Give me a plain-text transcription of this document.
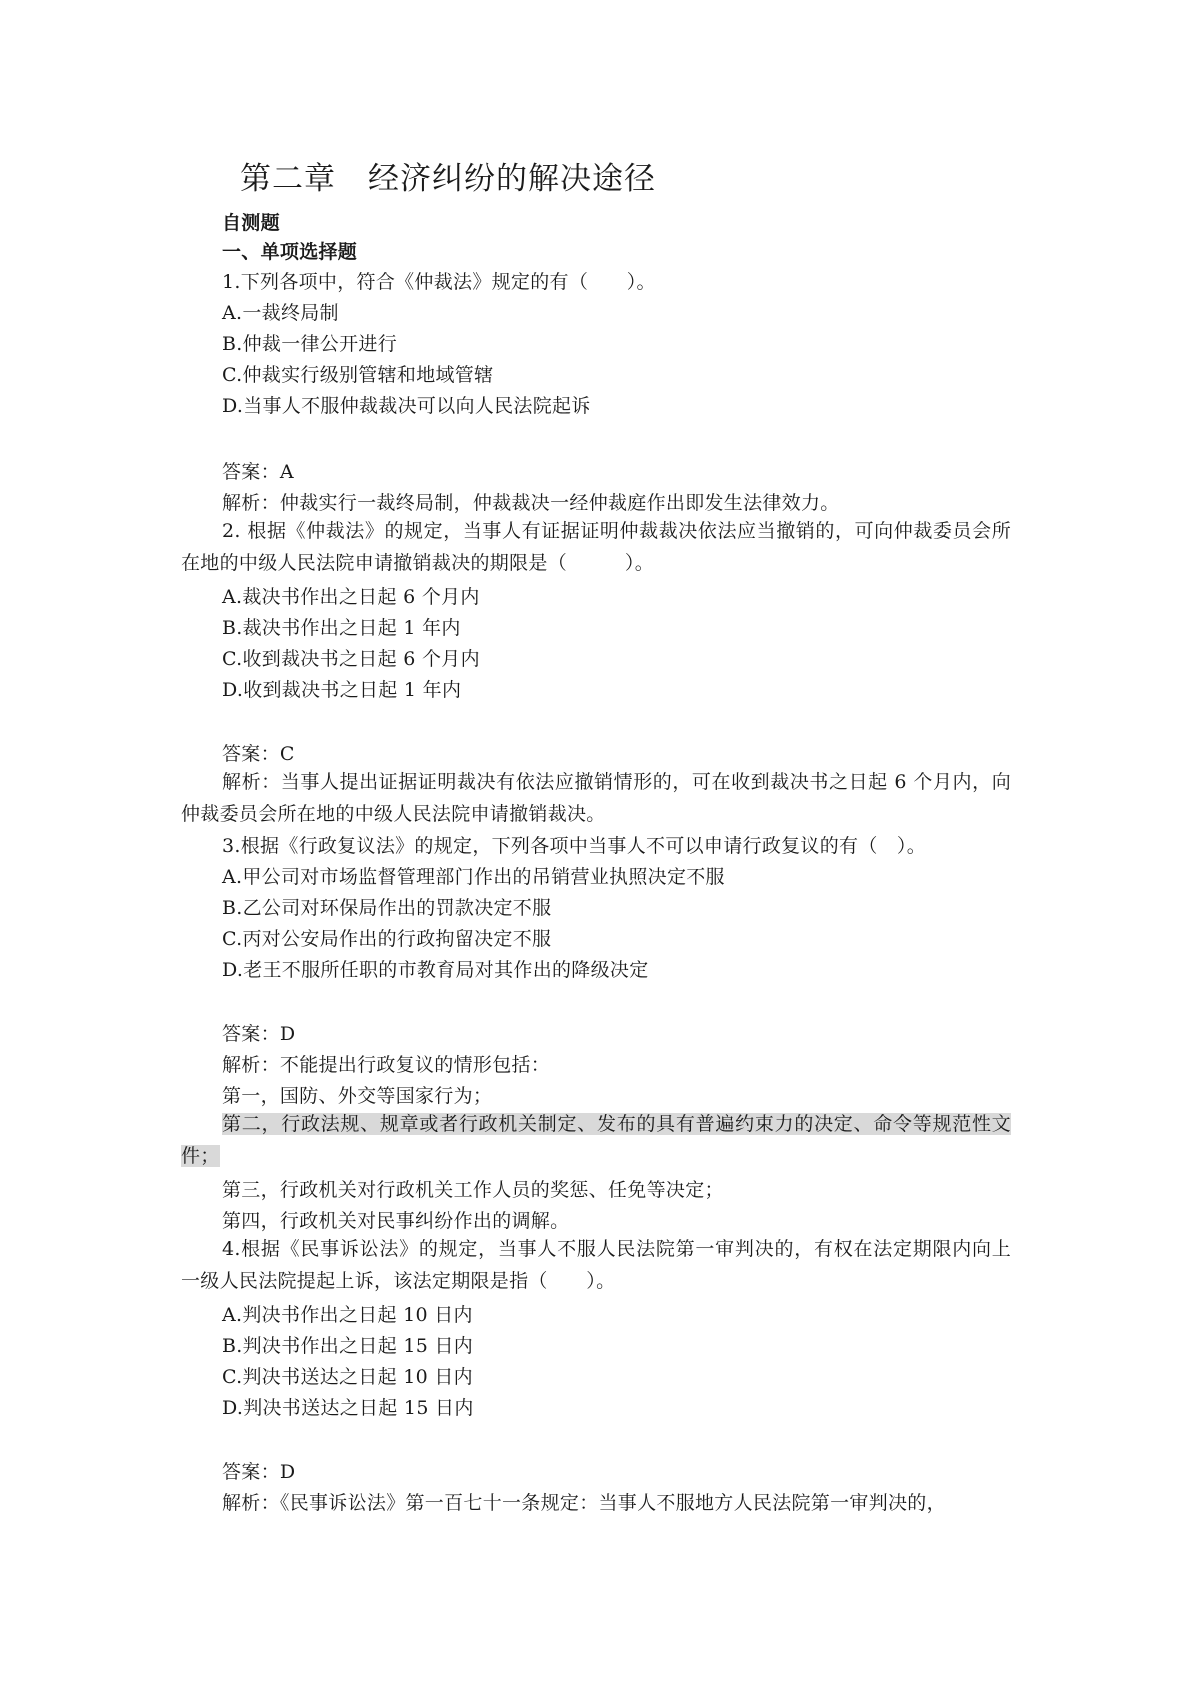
第二章　经济纠纷的解决途径
自测题
一、单项选择题
1.下列各项中，符合《仲裁法》规定的有（　　）。
A.一裁终局制
B.仲裁一律公开进行
C.仲裁实行级别管辖和地域管辖
D.当事人不服仲裁裁决可以向人民法院起诉
答案：A
解析：仲裁实行一裁终局制，仲裁裁决一经仲裁庭作出即发生法律效力。

2. 根据《仲裁法》的规定，当事人有证据证明仲裁裁决依法应当撤销的，可向仲裁委员会所在地的中级人民法院申请撤销裁决的期限是（　　　）。

A.裁决书作出之日起 6 个月内
B.裁决书作出之日起 1 年内
C.收到裁决书之日起 6 个月内
D.收到裁决书之日起 1 年内
答案：C

解析：当事人提出证据证明裁决有依法应撤销情形的，可在收到裁决书之日起 6 个月内，向仲裁委员会所在地的中级人民法院申请撤销裁决。

3.根据《行政复议法》的规定，下列各项中当事人不可以申请行政复议的有（　）。
A.甲公司对市场监督管理部门作出的吊销营业执照决定不服
B.乙公司对环保局作出的罚款决定不服
C.丙对公安局作出的行政拘留决定不服
D.老王不服所任职的市教育局对其作出的降级决定
答案：D
解析：不能提出行政复议的情形包括：
第一，国防、外交等国家行为；

第二，行政法规、规章或者行政机关制定、发布的具有普遍约束力的决定、命令等规范性文件；

第三，行政机关对行政机关工作人员的奖惩、任免等决定；
第四，行政机关对民事纠纷作出的调解。

4.根据《民事诉讼法》的规定，当事人不服人民法院第一审判决的，有权在法定期限内向上一级人民法院提起上诉，该法定期限是指（　　）。

A.判决书作出之日起 10 日内
B.判决书作出之日起 15 日内
C.判决书送达之日起 10 日内
D.判决书送达之日起 15 日内
答案：D
解析：《民事诉讼法》第一百七十一条规定：当事人不服地方人民法院第一审判决的，
